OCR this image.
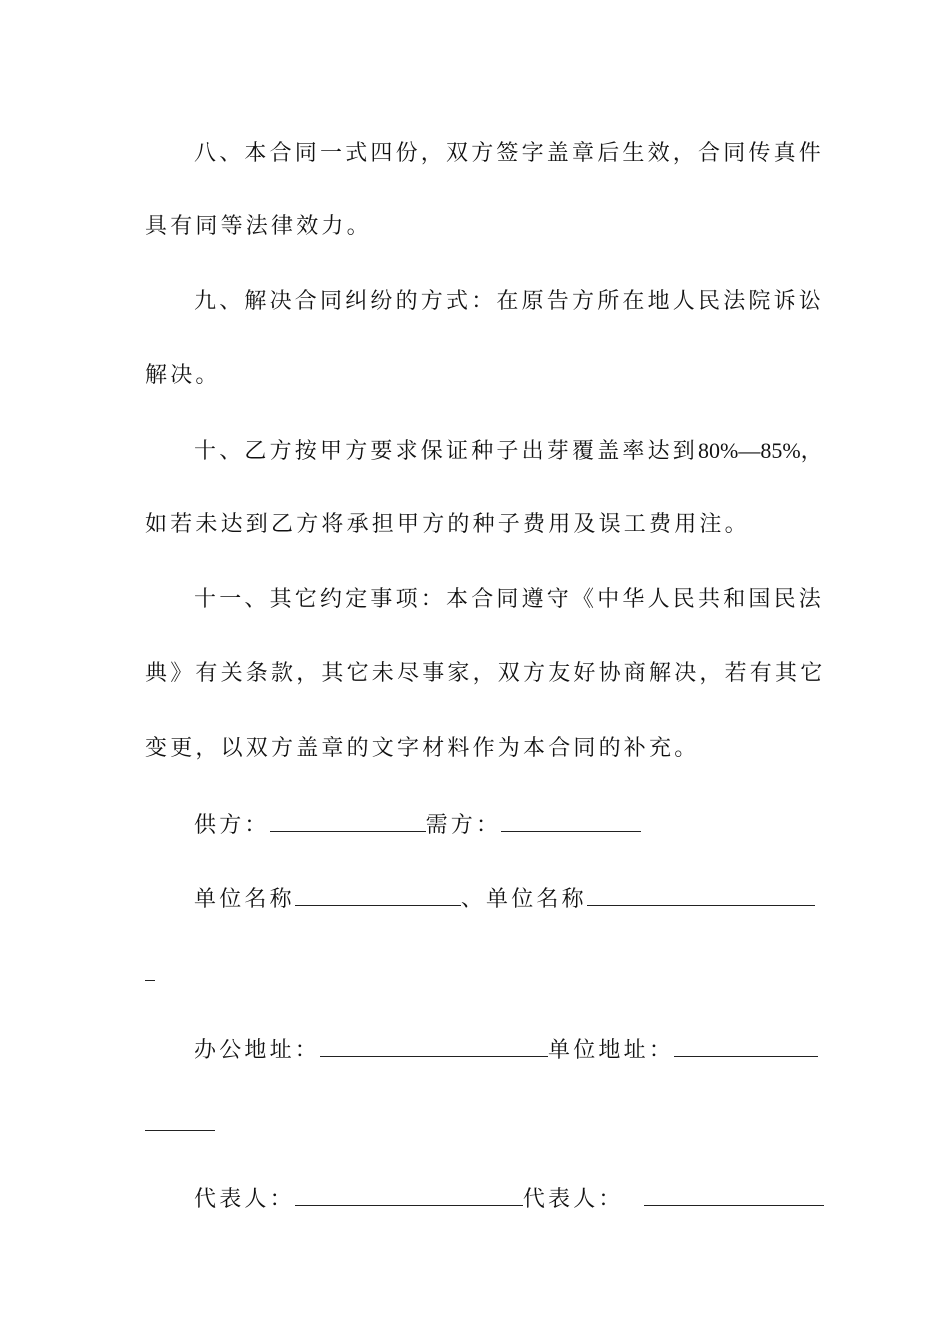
八、本合同一式四份，双方签字盖章后生效，合同传真件
具有同等法律效力。
九、解决合同纠纷的方式：在原告方所在地人民法院诉讼
解决。
十、乙方按甲方要求保证种子出芽覆盖率达到80%—85%，
如若未达到乙方将承担甲方的种子费用及误工费用注。
十一、其它约定事项：本合同遵守《中华人民共和国民法
典》有关条款，其它未尽事家，双方友好协商解决，若有其它
变更，以双方盖章的文字材料作为本合同的补充。
供方：	需方：
单位名称	、单位名称
办公地址：	单位地址：
代表人：	代表人：
